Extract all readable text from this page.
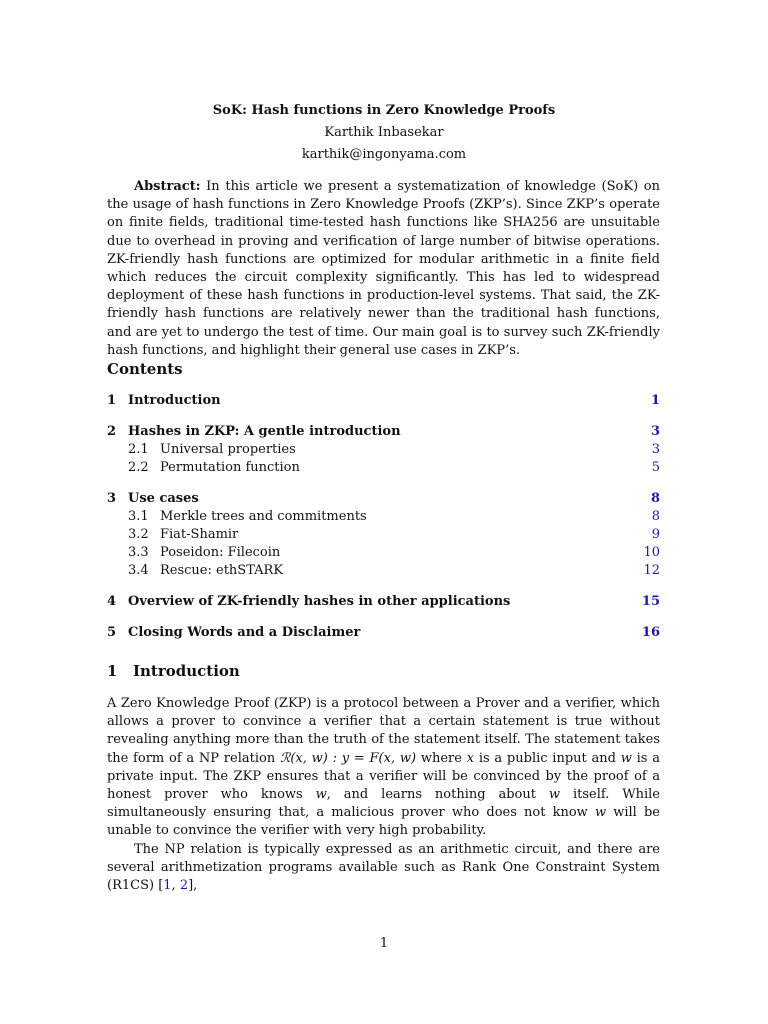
SoK: Hash functions in Zero Knowledge Proofs
Karthik Inbasekar
karthik@ingonyama.com
Abstract: In this article we present a systematization of knowledge (SoK) on the usage of hash functions in Zero Knowledge Proofs (ZKP’s). Since ZKP’s operate on finite fields, traditional time-tested hash functions like SHA256 are unsuitable due to overhead in proving and verification of large number of bitwise operations. ZK-friendly hash functions are optimized for modular arithmetic in a finite field which reduces the circuit complexity significantly. This has led to widespread deployment of these hash functions in production-level systems. That said, the ZK-friendly hash functions are relatively newer than the traditional hash functions, and are yet to undergo the test of time. Our main goal is to survey such ZK-friendly hash functions, and highlight their general use cases in ZKP’s.
Contents
1 Introduction	1
2 Hashes in ZKP: A gentle introduction	3
2.1 Universal properties	3
2.2 Permutation function	5
3 Use cases	8
3.1 Merkle trees and commitments	8
3.2 Fiat-Shamir	9
3.3 Poseidon: Filecoin	10
3.4 Rescue: ethSTARK	12
4 Overview of ZK-friendly hashes in other applications	15
5 Closing Words and a Disclaimer	16
1 Introduction

A Zero Knowledge Proof (ZKP) is a protocol between a Prover and a verifier, which allows a prover to convince a verifier that a certain statement is true without revealing anything more than the truth of the statement itself. The statement takes the form of a NP relation ℛ(x, w) : y = F(x, w) where x is a public input and w is a private input. The ZKP ensures that a verifier will be convinced by the proof of a honest prover who knows w, and learns nothing about w itself. While simultaneously ensuring that, a malicious prover who does not know w will be unable to convince the verifier with very high probability.

The NP relation is typically expressed as an arithmetic circuit, and there are several arithmetization programs available such as Rank One Constraint System (R1CS) [1, 2],

1
